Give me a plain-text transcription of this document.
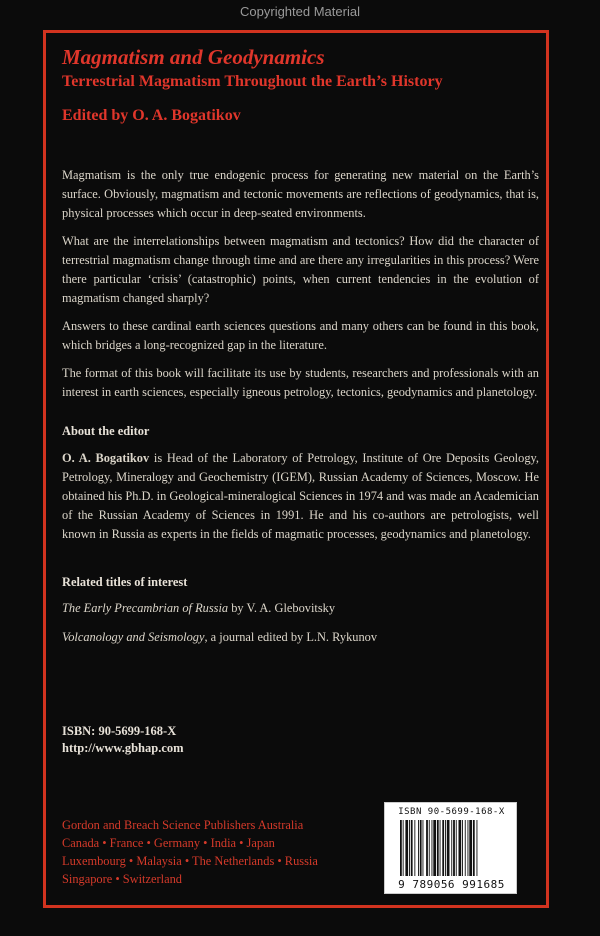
Copyrighted Material
Magmatism and Geodynamics
Terrestrial Magmatism Throughout the Earth’s History
Edited by O. A. Bogatikov

Magmatism is the only true endogenic process for generating new material on the Earth’s surface. Obviously, magmatism and tectonic movements are reflections of geodynamics, that is, physical processes which occur in deep-seated environments.

What are the interrelationships between magmatism and tectonics? How did the character of terrestrial magmatism change through time and are there any irregularities in this process? Were there particular ‘crisis’ (catastrophic) points, when current tendencies in the evolution of magmatism changed sharply?

Answers to these cardinal earth sciences questions and many others can be found in this book, which bridges a long-recognized gap in the literature.

The format of this book will facilitate its use by students, researchers and professionals with an interest in earth sciences, especially igneous petrology, tectonics, geodynamics and planetology.

About the editor
O. A. Bogatikov is Head of the Laboratory of Petrology, Institute of Ore Deposits Geology, Petrology, Mineralogy and Geochemistry (IGEM), Russian Academy of Sciences, Moscow. He obtained his Ph.D. in Geological-mineralogical Sciences in 1974 and was made an Academician of the Russian Academy of Sciences in 1991. He and his co-authors are petrologists, well known in Russia as experts in the fields of magmatic processes, geodynamics and planetology.
Related titles of interest
The Early Precambrian of Russia by V. A. Glebovitsky
Volcanology and Seismology, a journal edited by L.N. Rykunov
ISBN: 90-5699-168-X
http://www.gbhap.com
Gordon and Breach Science Publishers Australia
Canada • France • Germany • India • Japan
Luxembourg • Malaysia • The Netherlands • Russia
Singapore • Switzerland
ISBN 90-5699-168-X
9 789056 991685
